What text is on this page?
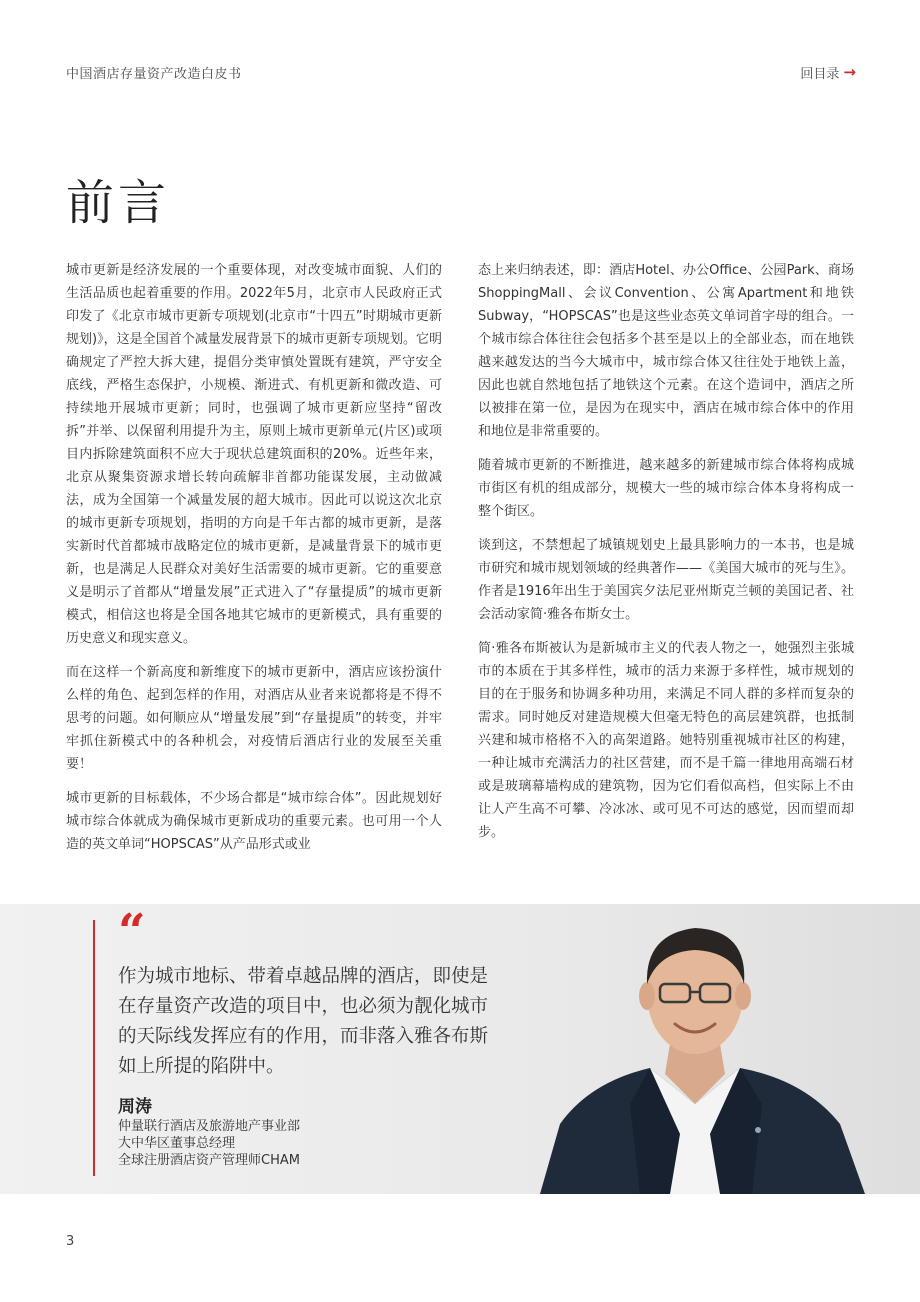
中国酒店存量资产改造白皮书	回目录 →
前言

城市更新是经济发展的一个重要体现，对改变城市面貌、人们的生活品质也起着重要的作用。2022年5月，北京市人民政府正式印发了《北京市城市更新专项规划(北京市“十四五”时期城市更新规划)》，这是全国首个减量发展背景下的城市更新专项规划。它明确规定了严控大拆大建，提倡分类审慎处置既有建筑，严守安全底线，严格生态保护，小规模、渐进式、有机更新和微改造、可持续地开展城市更新；同时，也强调了城市更新应坚持“留改拆”并举、以保留利用提升为主，原则上城市更新单元(片区)或项目内拆除建筑面积不应大于现状总建筑面积的20%。近些年来，北京从聚集资源求增长转向疏解非首都功能谋发展，主动做减法，成为全国第一个减量发展的超大城市。因此可以说这次北京的城市更新专项规划，指明的方向是千年古都的城市更新，是落实新时代首都城市战略定位的城市更新，是减量背景下的城市更新，也是满足人民群众对美好生活需要的城市更新。它的重要意义是明示了首都从“增量发展”正式进入了“存量提质”的城市更新模式，相信这也将是全国各地其它城市的更新模式，具有重要的历史意义和现实意义。

而在这样一个新高度和新维度下的城市更新中，酒店应该扮演什么样的角色、起到怎样的作用，对酒店从业者来说都将是不得不思考的问题。如何顺应从“增量发展”到“存量提质”的转变，并牢牢抓住新模式中的各种机会，对疫情后酒店行业的发展至关重要！

城市更新的目标载体，不少场合都是“城市综合体”。因此规划好城市综合体就成为确保城市更新成功的重要元素。也可用一个人造的英文单词“HOPSCAS”从产品形式或业

态上来归纳表述，即：酒店Hotel、办公Office、公园Park、商场ShoppingMall、会议Convention、公寓Apartment和地铁Subway，“HOPSCAS”也是这些业态英文单词首字母的组合。一个城市综合体往往会包括多个甚至是以上的全部业态，而在地铁越来越发达的当今大城市中，城市综合体又往往处于地铁上盖，因此也就自然地包括了地铁这个元素。在这个造词中，酒店之所以被排在第一位，是因为在现实中，酒店在城市综合体中的作用和地位是非常重要的。

随着城市更新的不断推进，越来越多的新建城市综合体将构成城市街区有机的组成部分，规模大一些的城市综合体本身将构成一整个街区。

谈到这，不禁想起了城镇规划史上最具影响力的一本书，也是城市研究和城市规划领域的经典著作——《美国大城市的死与生》。作者是1916年出生于美国宾夕法尼亚州斯克兰顿的美国记者、社会活动家简·雅各布斯女士。

简·雅各布斯被认为是新城市主义的代表人物之一，她强烈主张城市的本质在于其多样性，城市的活力来源于多样性，城市规划的目的在于服务和协调多种功用，来满足不同人群的多样而复杂的需求。同时她反对建造规模大但毫无特色的高层建筑群，也抵制兴建和城市格格不入的高架道路。她特别重视城市社区的构建，一种让城市充满活力的社区营建，而不是千篇一律地用高端石材或是玻璃幕墙构成的建筑物，因为它们看似高档，但实际上不由让人产生高不可攀、冷冰冰、或可见不可达的感觉，因而望而却步。

“
作为城市地标、带着卓越品牌的酒店，即使是在存量资产改造的项目中，也必须为靓化城市的天际线发挥应有的作用，而非落入雅各布斯如上所提的陷阱中。
周涛
仲量联行酒店及旅游地产事业部
大中华区董事总经理
全球注册酒店资产管理师CHAM
3
